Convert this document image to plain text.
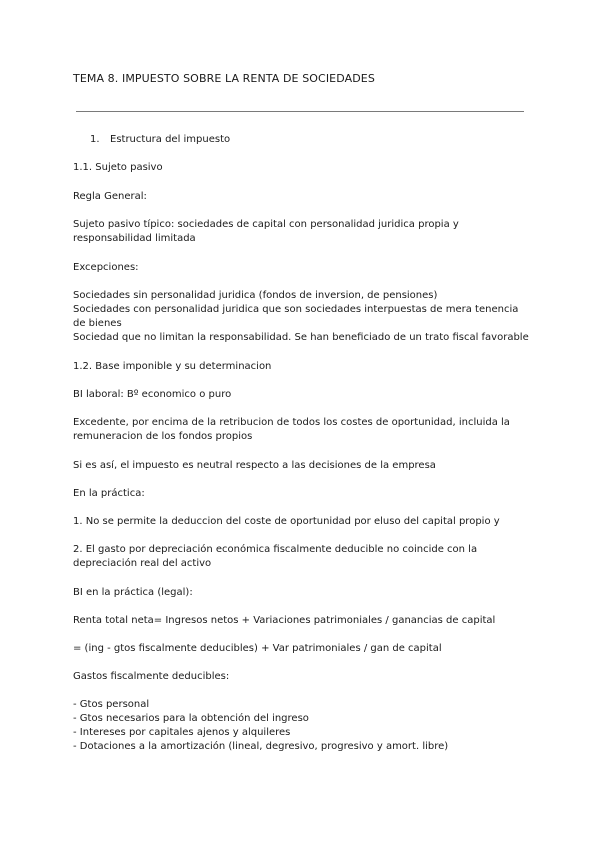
TEMA 8. IMPUESTO SOBRE LA RENTA DE SOCIEDADES
1. Estructura del impuesto
1.1. Sujeto pasivo
Regla General:
Sujeto pasivo típico: sociedades de capital con personalidad juridica propia y
responsabilidad limitada
Excepciones:
Sociedades sin personalidad juridica (fondos de inversion, de pensiones)
Sociedades con personalidad juridica que son sociedades interpuestas de mera tenencia
de bienes
Sociedad que no limitan la responsabilidad. Se han beneficiado de un trato fiscal favorable
1.2. Base imponible y su determinacion
BI laboral: Bº economico o puro
Excedente, por encima de la retribucion de todos los costes de oportunidad, incluida la
remuneracion de los fondos propios
Si es así, el impuesto es neutral respecto a las decisiones de la empresa
En la práctica:
1. No se permite la deduccion del coste de oportunidad por eluso del capital propio y
2. El gasto por depreciación económica fiscalmente deducible no coincide con la
depreciación real del activo
BI en la práctica (legal):
Renta total neta= Ingresos netos + Variaciones patrimoniales / ganancias de capital
= (ing - gtos fiscalmente deducibles) + Var patrimoniales / gan de capital
Gastos fiscalmente deducibles:
- Gtos personal
- Gtos necesarios para la obtención del ingreso
- Intereses por capitales ajenos y alquileres
- Dotaciones a la amortización (lineal, degresivo, progresivo y amort. libre)
